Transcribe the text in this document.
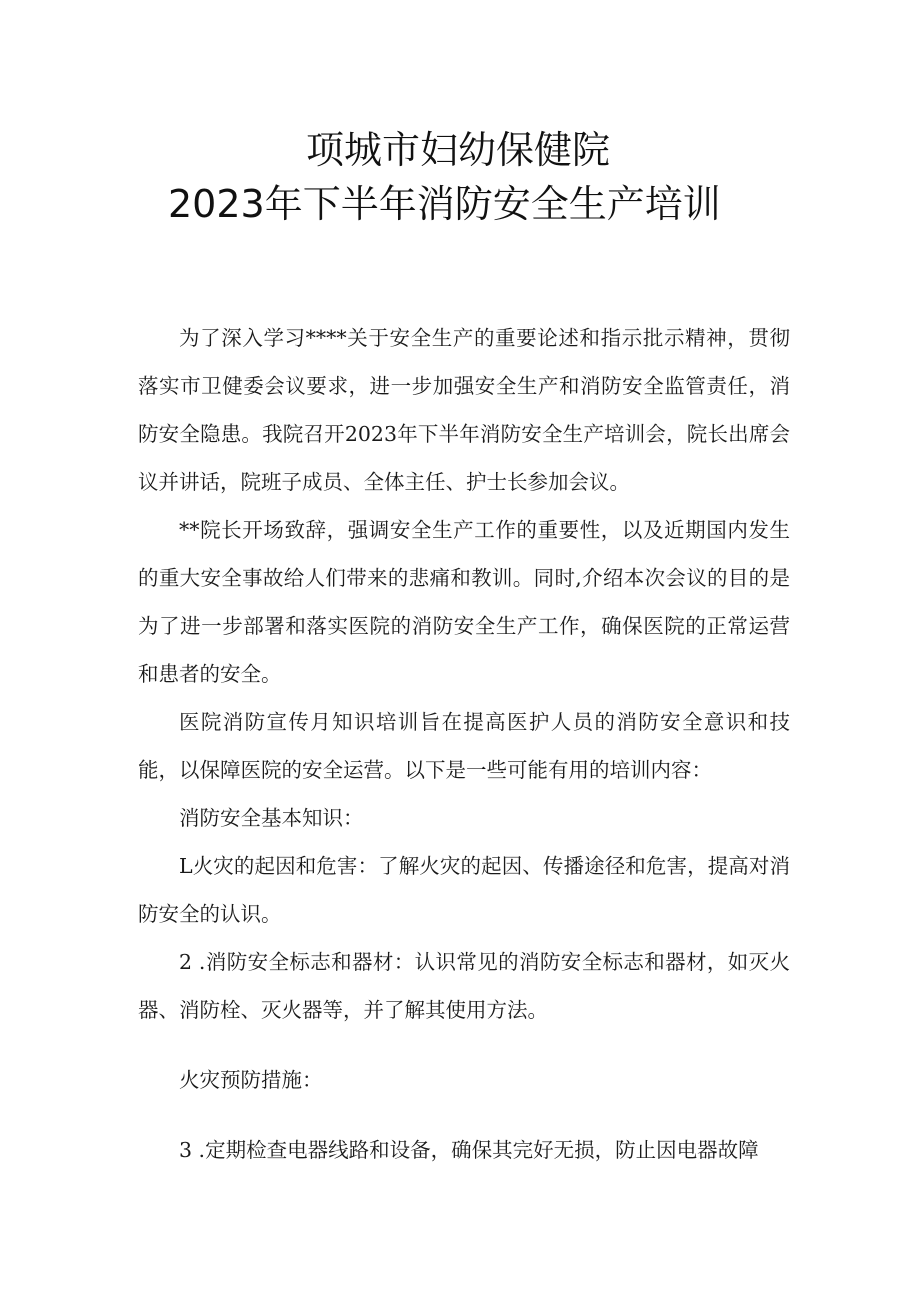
项城市妇幼保健院
2023年下半年消防安全生产培训

为了深入学习****关于安全生产的重要论述和指示批示精神，贯彻落实市卫健委会议要求，进一步加强安全生产和消防安全监管责任，消防安全隐患。我院召开2023年下半年消防安全生产培训会，院长出席会议并讲话，院班子成员、全体主任、护士长参加会议。

**院长开场致辞，强调安全生产工作的重要性，以及近期国内发生的重大安全事故给人们带来的悲痛和教训。同时,介绍本次会议的目的是为了进一步部署和落实医院的消防安全生产工作，确保医院的正常运营和患者的安全。

医院消防宣传月知识培训旨在提高医护人员的消防安全意识和技能，以保障医院的安全运营。以下是一些可能有用的培训内容：

消防安全基本知识：

L火灾的起因和危害：了解火灾的起因、传播途径和危害，提高对消防安全的认识。

2 .消防安全标志和器材：认识常见的消防安全标志和器材，如灭火器、消防栓、灭火器等，并了解其使用方法。

火灾预防措施：

3 .定期检查电器线路和设备，确保其完好无损，防止因电器故障
